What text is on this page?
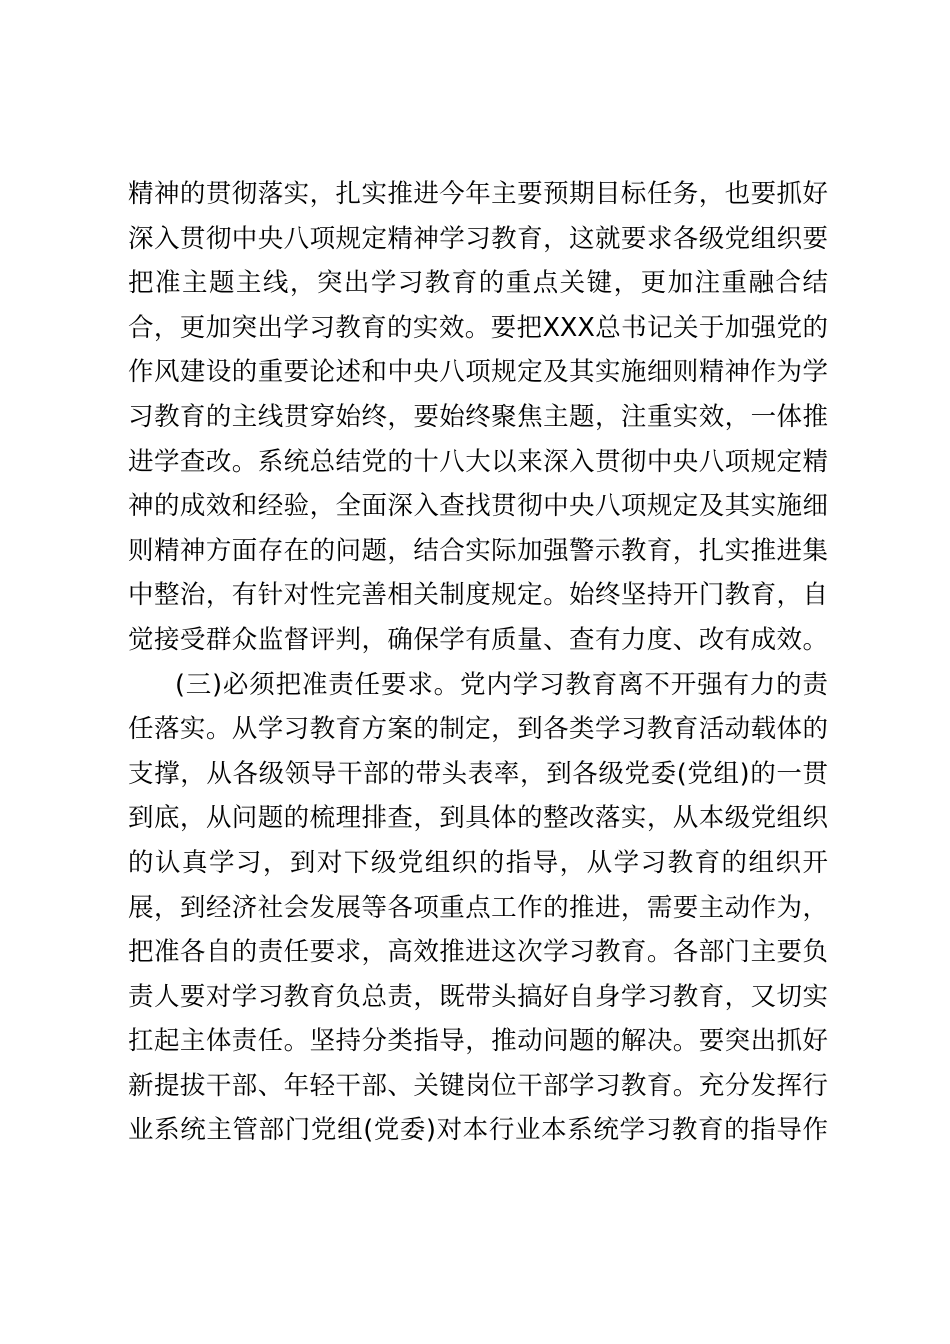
精神的贯彻落实，扎实推进今年主要预期目标任务，也要抓好
深入贯彻中央八项规定精神学习教育，这就要求各级党组织要
把准主题主线，突出学习教育的重点关键，更加注重融合结
合，更加突出学习教育的实效。要把XXX总书记关于加强党的
作风建设的重要论述和中央八项规定及其实施细则精神作为学
习教育的主线贯穿始终，要始终聚焦主题，注重实效，一体推
进学查改。系统总结党的十八大以来深入贯彻中央八项规定精
神的成效和经验，全面深入查找贯彻中央八项规定及其实施细
则精神方面存在的问题，结合实际加强警示教育，扎实推进集
中整治，有针对性完善相关制度规定。始终坚持开门教育，自
觉接受群众监督评判，确保学有质量、查有力度、改有成效。
(三)必须把准责任要求。党内学习教育离不开强有力的责
任落实。从学习教育方案的制定，到各类学习教育活动载体的
支撑，从各级领导干部的带头表率，到各级党委(党组)的一贯
到底，从问题的梳理排查，到具体的整改落实，从本级党组织
的认真学习，到对下级党组织的指导，从学习教育的组织开
展，到经济社会发展等各项重点工作的推进，需要主动作为，
把准各自的责任要求，高效推进这次学习教育。各部门主要负
责人要对学习教育负总责，既带头搞好自身学习教育，又切实
扛起主体责任。坚持分类指导，推动问题的解决。要突出抓好
新提拔干部、年轻干部、关键岗位干部学习教育。充分发挥行
业系统主管部门党组(党委)对本行业本系统学习教育的指导作
